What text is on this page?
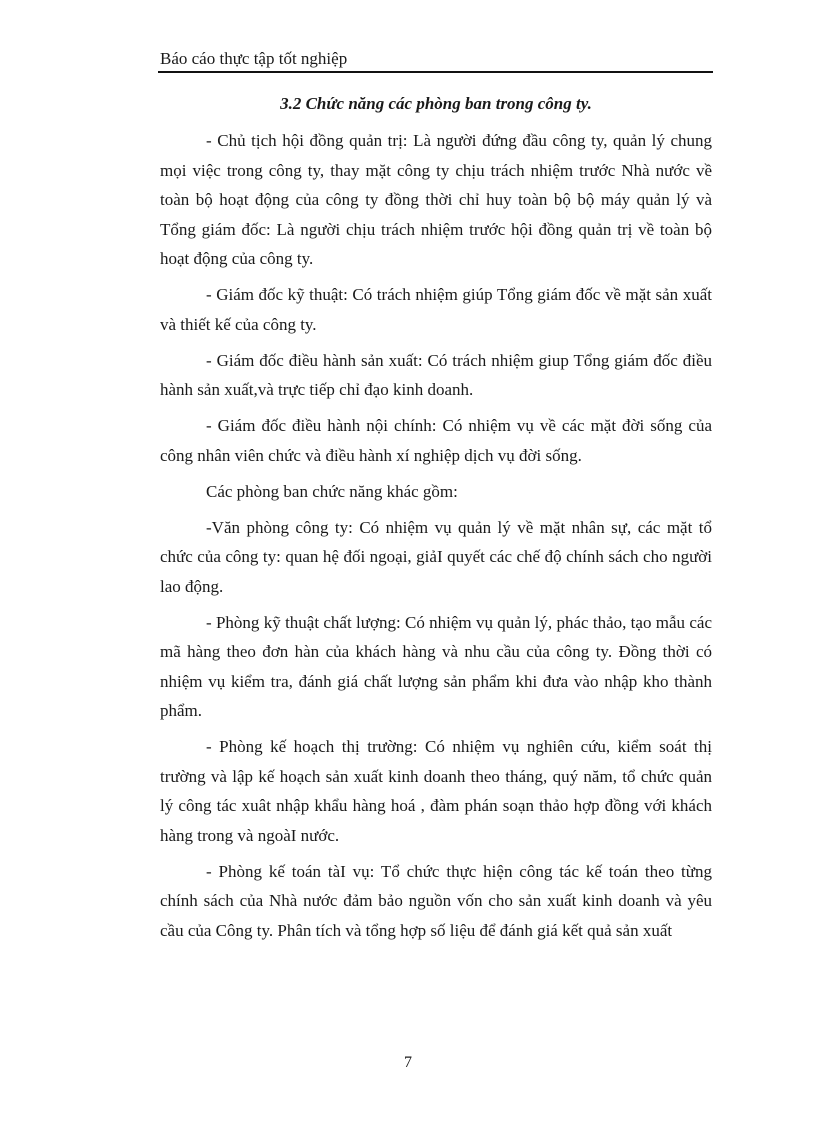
Báo cáo thực tập tốt nghiệp
3.2 Chức năng các phòng ban trong công ty.

- Chủ tịch hội đồng quản trị: Là người đứng đầu công ty, quản lý chung mọi việc trong công ty, thay mặt công ty chịu trách nhiệm trước Nhà nước về toàn bộ hoạt động của công ty đồng thời chỉ huy toàn bộ bộ máy quản lý và Tổng giám đốc: Là người chịu trách nhiệm trước hội đồng quản trị về toàn bộ hoạt động của công ty.

- Giám đốc kỹ thuật: Có trách nhiệm giúp Tổng giám đốc về mặt sản xuất và thiết kế của công ty.

- Giám đốc điều hành sản xuất: Có trách nhiệm giup Tổng giám đốc điều hành sản xuất,và trực tiếp chỉ đạo kinh doanh.

- Giám đốc điều hành nội chính: Có nhiệm vụ về các mặt đời sống của công nhân viên chức và điều hành xí nghiệp dịch vụ đời sống.

Các phòng ban chức năng khác gồm:

-Văn phòng công ty: Có nhiệm vụ quản lý về mặt nhân sự, các mặt tổ chức của công ty: quan hệ đối ngoại, giảI quyết các chế độ chính sách cho người lao động.

- Phòng kỹ thuật chất lượng: Có nhiệm vụ quản lý, phác thảo, tạo mẫu các mã hàng theo đơn hàn của khách hàng và nhu cầu của công ty. Đồng thời có nhiệm vụ kiểm tra, đánh giá chất lượng sản phẩm khi đưa vào nhập kho thành phẩm.

- Phòng kế hoạch thị trường: Có nhiệm vụ nghiên cứu, kiểm soát thị trường và lập kế hoạch sản xuất kinh doanh theo tháng, quý năm, tổ chức quản lý công tác xuât nhập khẩu hàng hoá , đàm phán soạn thảo hợp đồng với khách hàng trong và ngoàI nước.

- Phòng kế toán tàI vụ: Tổ chức thực hiện công tác kế toán theo từng chính sách của Nhà nước đảm bảo nguồn vốn cho sản xuất kinh doanh và yêu cầu của Công ty. Phân tích và tổng hợp số liệu để đánh giá kết quả sản xuất

7
